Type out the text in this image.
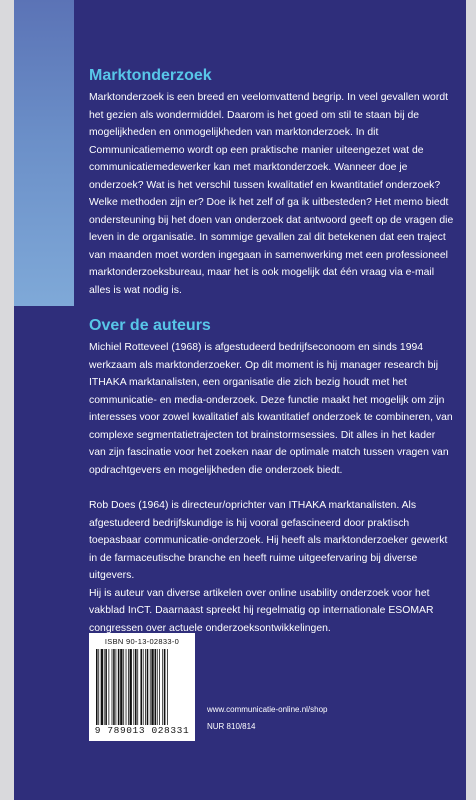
Marktonderzoek

Marktonderzoek is een breed en veelomvattend begrip. In veel gevallen wordt het gezien als wondermiddel. Daarom is het goed om stil te staan bij de mogelijkheden en onmogelijkheden van marktonderzoek. In dit Communicatiememo wordt op een praktische manier uiteengezet wat de communicatiemedewerker kan met marktonderzoek. Wanneer doe je onderzoek? Wat is het verschil tussen kwalitatief en kwantitatief onderzoek? Welke methoden zijn er? Doe ik het zelf of ga ik uitbesteden? Het memo biedt ondersteuning bij het doen van onderzoek dat antwoord geeft op de vragen die leven in de organisatie. In sommige gevallen zal dit betekenen dat een traject van maanden moet worden ingegaan in samenwerking met een professioneel marktonderzoeksbureau, maar het is ook mogelijk dat één vraag via e-mail alles is wat nodig is.

Over de auteurs

Michiel Rotteveel (1968) is afgestudeerd bedrijfseconoom en sinds 1994 werkzaam als marktonderzoeker. Op dit moment is hij manager research bij ITHAKA marktanalisten, een organisatie die zich bezig houdt met het communicatie- en media-onderzoek. Deze functie maakt het mogelijk om zijn interesses voor zowel kwalitatief als kwantitatief onderzoek te combineren, van complexe segmentatietrajecten tot brainstormsessies. Dit alles in het kader van zijn fascinatie voor het zoeken naar de optimale match tussen vragen van opdrachtgevers en mogelijkheden die onderzoek biedt.

Rob Does (1964) is directeur/oprichter van ITHAKA marktanalisten. Als afgestudeerd bedrijfskundige is hij vooral gefascineerd door praktisch toepasbaar communicatie-onderzoek. Hij heeft als marktonderzoeker gewerkt in de farmaceutische branche en heeft ruime uitgeefervaring bij diverse uitgevers.

Hij is auteur van diverse artikelen over online usability onderzoek voor het vakblad InCT. Daarnaast spreekt hij regelmatig op internationale ESOMAR congressen over actuele onderzoeksontwikkelingen.

ISBN 90-13-02833-0
9 789013 028331
www.communicatie-online.nl/shop
NUR 810/814
